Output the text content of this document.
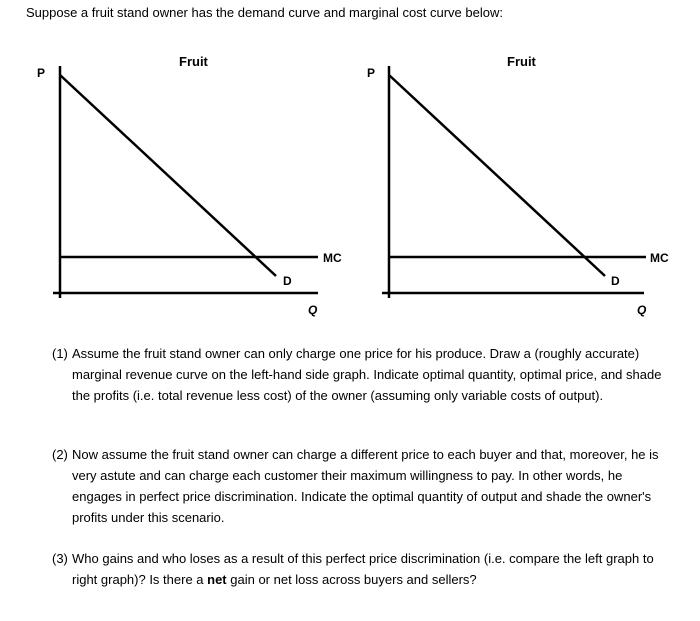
Suppose a fruit stand owner has the demand curve and marginal cost curve below:
P
Fruit
MC
D
Q
P
Fruit
MC
D
Q
(1) Assume the fruit stand owner can only charge one price for his produce. Draw a (roughly accurate) marginal revenue curve on the left-hand side graph. Indicate optimal quantity, optimal price, and shade the profits (i.e. total revenue less cost) of the owner (assuming only variable costs of output).
(2) Now assume the fruit stand owner can charge a different price to each buyer and that, moreover, he is very astute and can charge each customer their maximum willingness to pay. In other words, he engages in perfect price discrimination. Indicate the optimal quantity of output and shade the owner's profits under this scenario.
(3) Who gains and who loses as a result of this perfect price discrimination (i.e. compare the left graph to right graph)? Is there a net gain or net loss across buyers and sellers?
